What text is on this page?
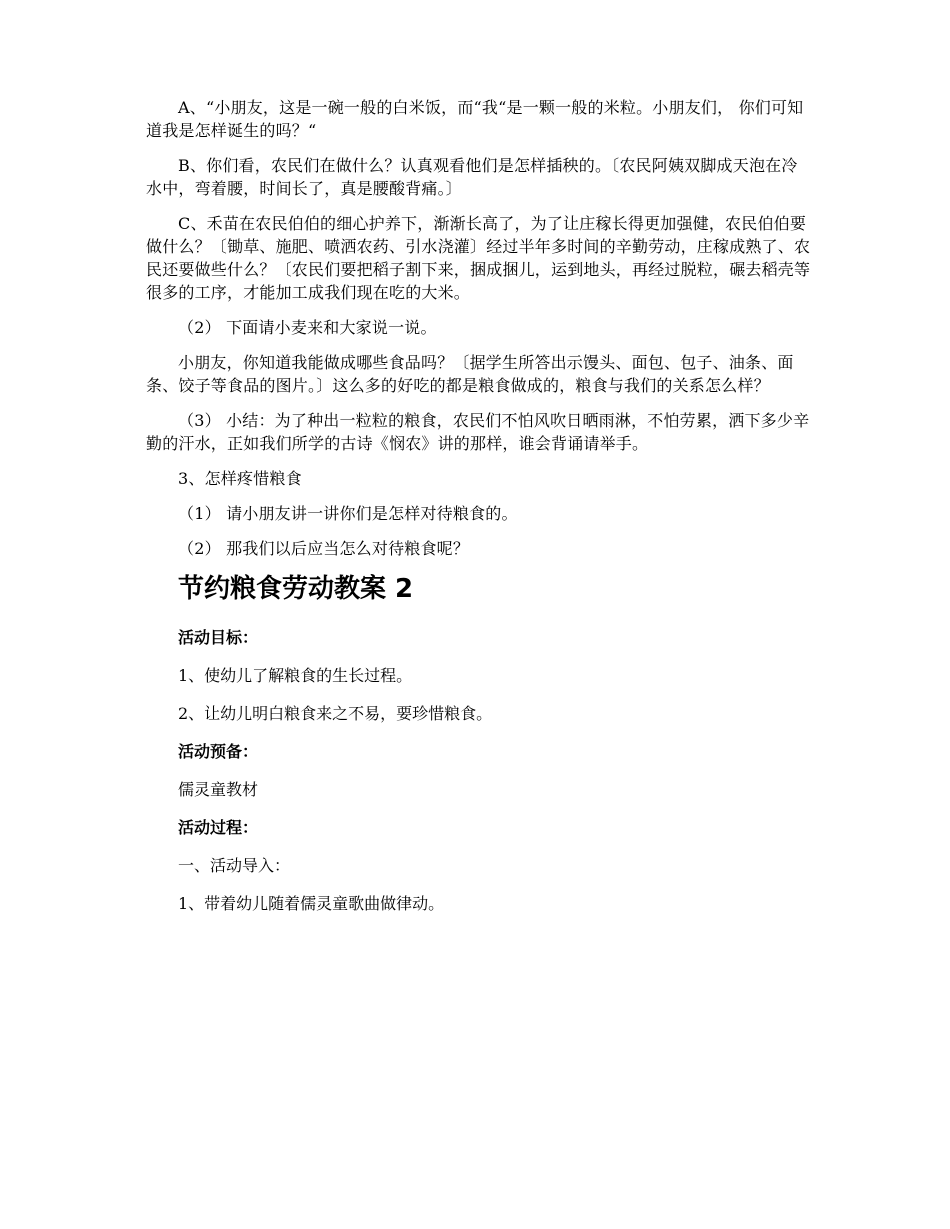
A、“小朋友，这是一碗一般的白米饭，而“我“是一颗一般的米粒。小朋友们， 你们可知道我是怎样诞生的吗？“

B、你们看，农民们在做什么？认真观看他们是怎样插秧的。〔农民阿姨双脚成天泡在冷水中，弯着腰，时间长了，真是腰酸背痛。〕

C、禾苗在农民伯伯的细心护养下，渐渐长高了，为了让庄稼长得更加强健，农民伯伯要做什么？〔锄草、施肥、喷洒农药、引水浇灌〕经过半年多时间的辛勤劳动，庄稼成熟了、农民还要做些什么？〔农民们要把稻子割下来，捆成捆儿，运到地头，再经过脱粒，碾去稻壳等很多的工序，才能加工成我们现在吃的大米。

（2） 下面请小麦来和大家说一说。

小朋友，你知道我能做成哪些食品吗？〔据学生所答出示馒头、面包、包子、油条、面条、饺子等食品的图片。〕这么多的好吃的都是粮食做成的，粮食与我们的关系怎么样？

（3） 小结：为了种出一粒粒的粮食，农民们不怕风吹日晒雨淋，不怕劳累，洒下多少辛勤的汗水，正如我们所学的古诗《悯农》讲的那样，谁会背诵请举手。

3、怎样疼惜粮食

（1） 请小朋友讲一讲你们是怎样对待粮食的。

（2） 那我们以后应当怎么对待粮食呢？

节约粮食劳动教案 2
活动目标：
1、使幼儿了解粮食的生长过程。
2、让幼儿明白粮食来之不易，要珍惜粮食。
活动预备：
儒灵童教材
活动过程：
一、活动导入：
1、带着幼儿随着儒灵童歌曲做律动。
